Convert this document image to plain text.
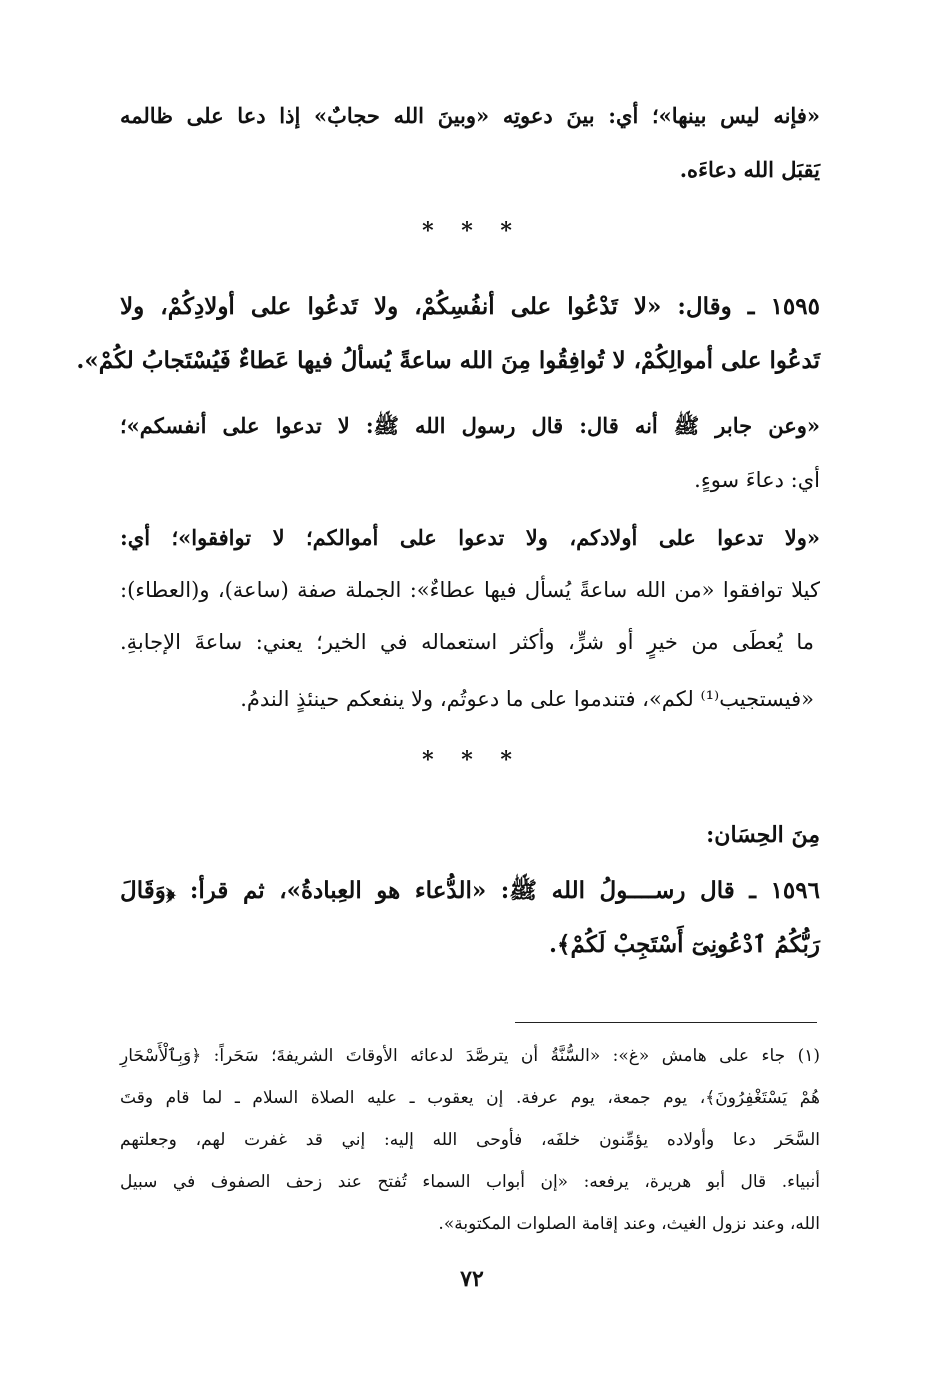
«فإنه ليس بينها»؛ أي: بينَ دعوتِه «وبينَ الله حجابٌ» إذا دعا على ظالمه
يَقبَل الله دعاءَه.
* * *
١٥٩٥ ـ وقال: «لا تَدْعُوا على أنفُسِكُمْ، ولا تَدعُوا على أولادِكُمْ، ولا
تَدعُوا على أموالِكُمْ، لا تُوافِقُوا مِنَ الله ساعةً يُسألُ فيها عَطاءٌ فَيُسْتَجابُ لكُمْ».
«وعن جابر ﷺ أنه قال: قال رسول الله ﷺ: لا تدعوا على أنفسكم»؛
أي: دعاءَ سوءٍ.
«ولا تدعوا على أولادكم، ولا تدعوا على أموالكم؛ لا توافقوا»؛ أي:
كيلا توافقوا «من الله ساعةً يُسأل فيها عطاءٌ»: الجملة صفة (ساعة)، و(العطاء):
ما يُعطَى من خيرٍ أو شرٍّ، وأكثر استعماله في الخير؛ يعني: ساعةَ الإجابةِ.
«فيستجيب⁽¹⁾ لكم»، فتندموا على ما دعوتُم، ولا ينفعكم حينئذٍ الندمُ.
* * *
مِنَ الحِسَان:
١٥٩٦ ـ قال رســــولُ الله ﷺ: «الدُّعاء هو العِبادةُ»، ثم قرأ: ﴿وَقَالَ
رَبُّكُمُ ٱدْعُونِىٓ أَسْتَجِبْ لَكُمْ﴾.
(١) جاء على هامش «غ»: «السُّنَّةُ أن يترصَّدَ لدعائه الأوقاتَ الشريفةَ؛ سَحَراً: ﴿وَبِٱلْأَسْحَارِ
هُمْ يَسْتَغْفِرُونَ﴾، يوم جمعة، يوم عرفة. إن يعقوب ـ عليه الصلاة السلام ـ لما قام وقتَ
السَّحَر دعا وأولاده يؤمِّنون خلفَه، فأوحى الله إليه: إني قد غفرت لهم، وجعلتهم
أنبياء. قال أبو هريرة، يرفعه: «إن أبواب السماء تُفتح عند زحف الصفوف في سبيل
الله، وعند نزول الغيث، وعند إقامة الصلوات المكتوبة».
٧٢
